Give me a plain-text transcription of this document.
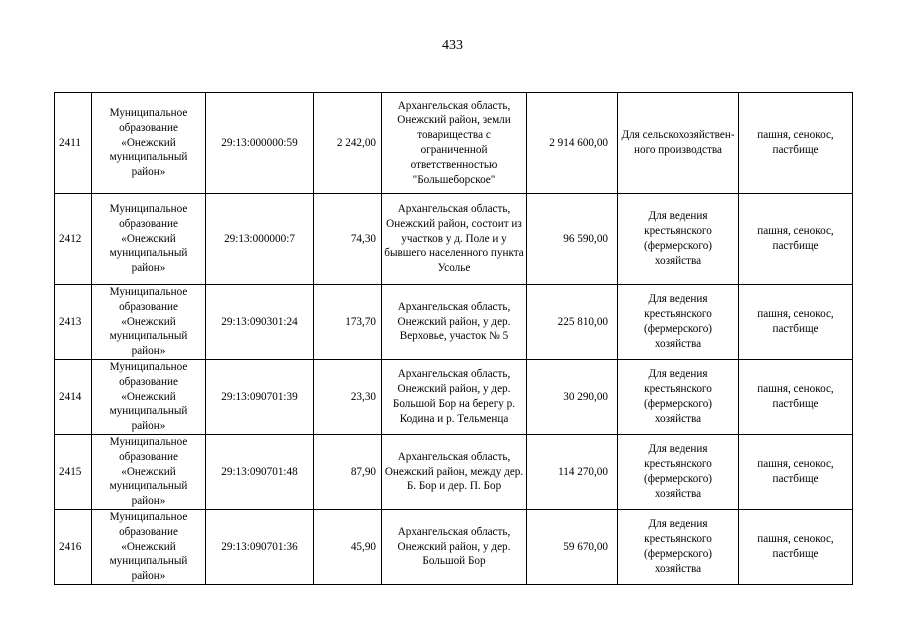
433
2411	Муниципальное образование «Онежский муниципальный район»	29:13:000000:59	2 242,00	Архангельская область, Онежский район, земли товарищества с ограниченной ответственностью "Большеборское"	2 914 600,00	Для сельскохозяйствен-ного производства	пашня, сенокос, пастбище
2412	Муниципальное образование «Онежский муниципальный район»	29:13:000000:7	74,30	Архангельская область, Онежский район, состоит из участков у д. Поле и у бывшего населенного пункта Усолье	96 590,00	Для ведения крестьянского (фермерского) хозяйства	пашня, сенокос, пастбище
2413	Муниципальное образование «Онежский муниципальный район»	29:13:090301:24	173,70	Архангельская область, Онежский район, у дер. Верховье, участок № 5	225 810,00	Для ведения крестьянского (фермерского) хозяйства	пашня, сенокос, пастбище
2414	Муниципальное образование «Онежский муниципальный район»	29:13:090701:39	23,30	Архангельская область, Онежский район, у дер. Большой Бор на берегу р. Кодина и р. Тельменца	30 290,00	Для ведения крестьянского (фермерского) хозяйства	пашня, сенокос, пастбище
2415	Муниципальное образование «Онежский муниципальный район»	29:13:090701:48	87,90	Архангельская область, Онежский район, между дер. Б. Бор и дер. П. Бор	114 270,00	Для ведения крестьянского (фермерского) хозяйства	пашня, сенокос, пастбище
2416	Муниципальное образование «Онежский муниципальный район»	29:13:090701:36	45,90	Архангельская область, Онежский район, у дер. Большой Бор	59 670,00	Для ведения крестьянского (фермерского) хозяйства	пашня, сенокос, пастбище
